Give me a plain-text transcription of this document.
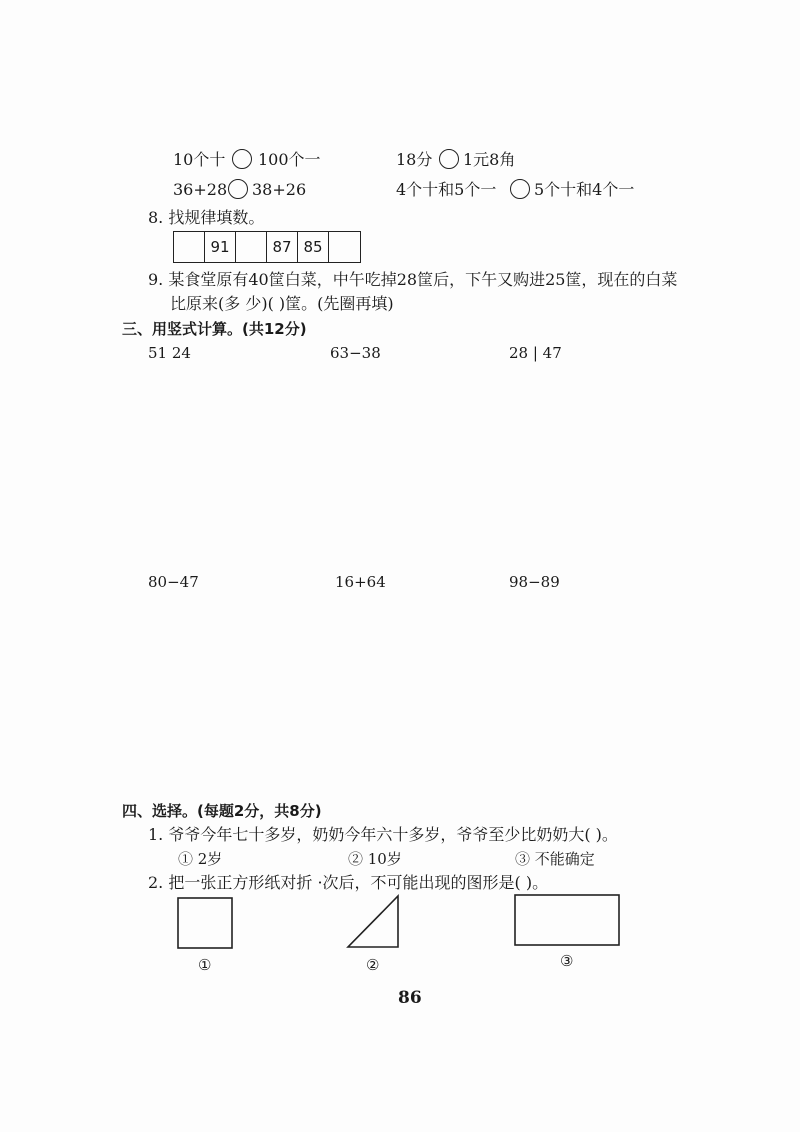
10个十 100个一	18分 1元8角
36+28 38+26	4个十和5个一 5个十和4个一
8. 找规律填数。
91	87 85
9. 某食堂原有40筐白菜，中午吃掉28筐后，下午又购进25筐，现在的白菜
比原来(多 少)( )筐。(先圈再填)
三、用竖式计算。(共12分)
51 24	63−38	28 | 47
80−47	16+64	98−89
四、选择。(每题2分，共8分)
1. 爷爷今年七十多岁，奶奶今年六十多岁，爷爷至少比奶奶大( )。
① 2岁	② 10岁	③ 不能确定
2. 把一张正方形纸对折 ·次后，不可能出现的图形是( )。
①	②	③
86
